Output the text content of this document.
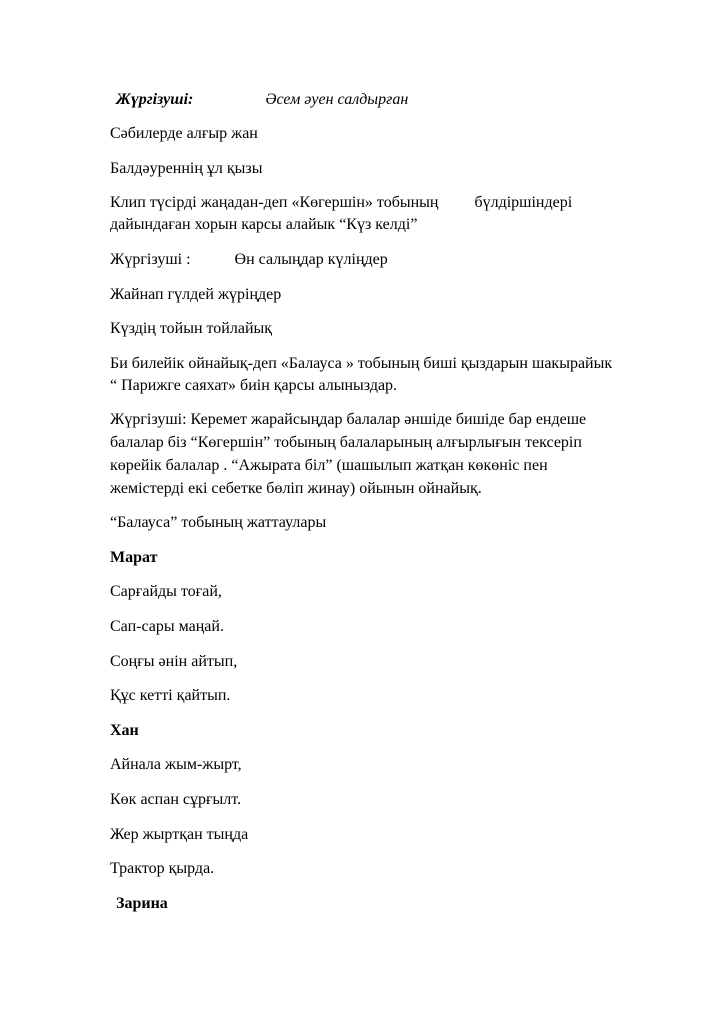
Жүргізуші:	Әсем әуен салдырған
Сәбилерде алғыр жан
Балдәуреннің ұл қызы
Клип түсірді жаңадан-деп «Көгершін» тобының бүлдіршіндері
дайындаған хорын карсы алайык “Күз келді”
Жүргізуші :	Өн салыңдар күліңдер
Жайнап гүлдей жүріңдер
Күздің тойын тойлайық
Би билейік ойнайық-деп «Балауса » тобының биші қыздарын шакырайык
“ Парижге саяхат» биін қарсы алыныздар.
Жүргізуші: Керемет жарайсыңдар балалар әншіде бишіде бар ендеше
балалар біз “Көгершін” тобының балаларының алғырлығын тексеріп
көрейік балалар . “Ажырата біл” (шашылып жатқан көкөніс пен
жемістерді екі себетке бөліп жинау) ойынын ойнайық.
“Балауса” тобының жаттаулары
Марат
Сарғайды тоғай,
Сап-сары маңай.
Соңғы әнін айтып,
Құс кетті қайтып.
Хан
Айнала жым-жырт,
Көк аспан сұрғылт.
Жер жыртқан тыңда
Трактор қырда.
Зарина
